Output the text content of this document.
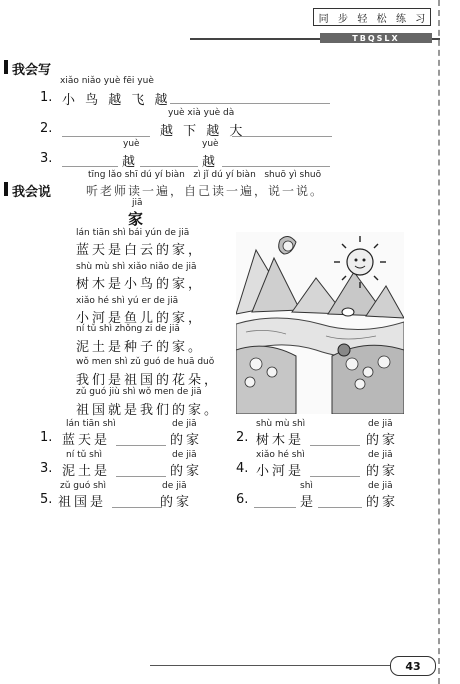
同 步 轻 松 练 习
TBQSLX
我会写
xiǎo niǎo yuè fēi yuè
1. 小 鸟 越 飞 越
yuè xià yuè dà
2.	越 下 越 大
yuè	yuè
3.	越	越
我会说
tīng lǎo shī dú yí biàn   zì jǐ dú yí biàn   shuō yì shuō
听老师读一遍，自己读一遍，说一说。
jiā
家
lán tiān shì bái yún de jiā
蓝天是白云的家，
shù mù shì xiǎo niǎo de jiā
树木是小鸟的家，
xiǎo hé shì yú er de jiā
小河是鱼儿的家，
ní tǔ shì zhǒng zi de jiā
泥土是种子的家。
wǒ men shì zǔ guó de huā duǒ
我们是祖国的花朵，
zǔ guó jiù shì wǒ men de jiā
祖国就是我们的家。
lán tiān shì
1. 蓝天是
de jiā
的家
shù mù shì
2. 树木是
de jiā
的家
ní tǔ shì
3. 泥土是
de jiā
的家
xiǎo hé shì
4. 小河是
de jiā
的家
zǔ guó shì
5. 祖国是
de jiā
的家
shì
6.	是
de jiā
的家
43
